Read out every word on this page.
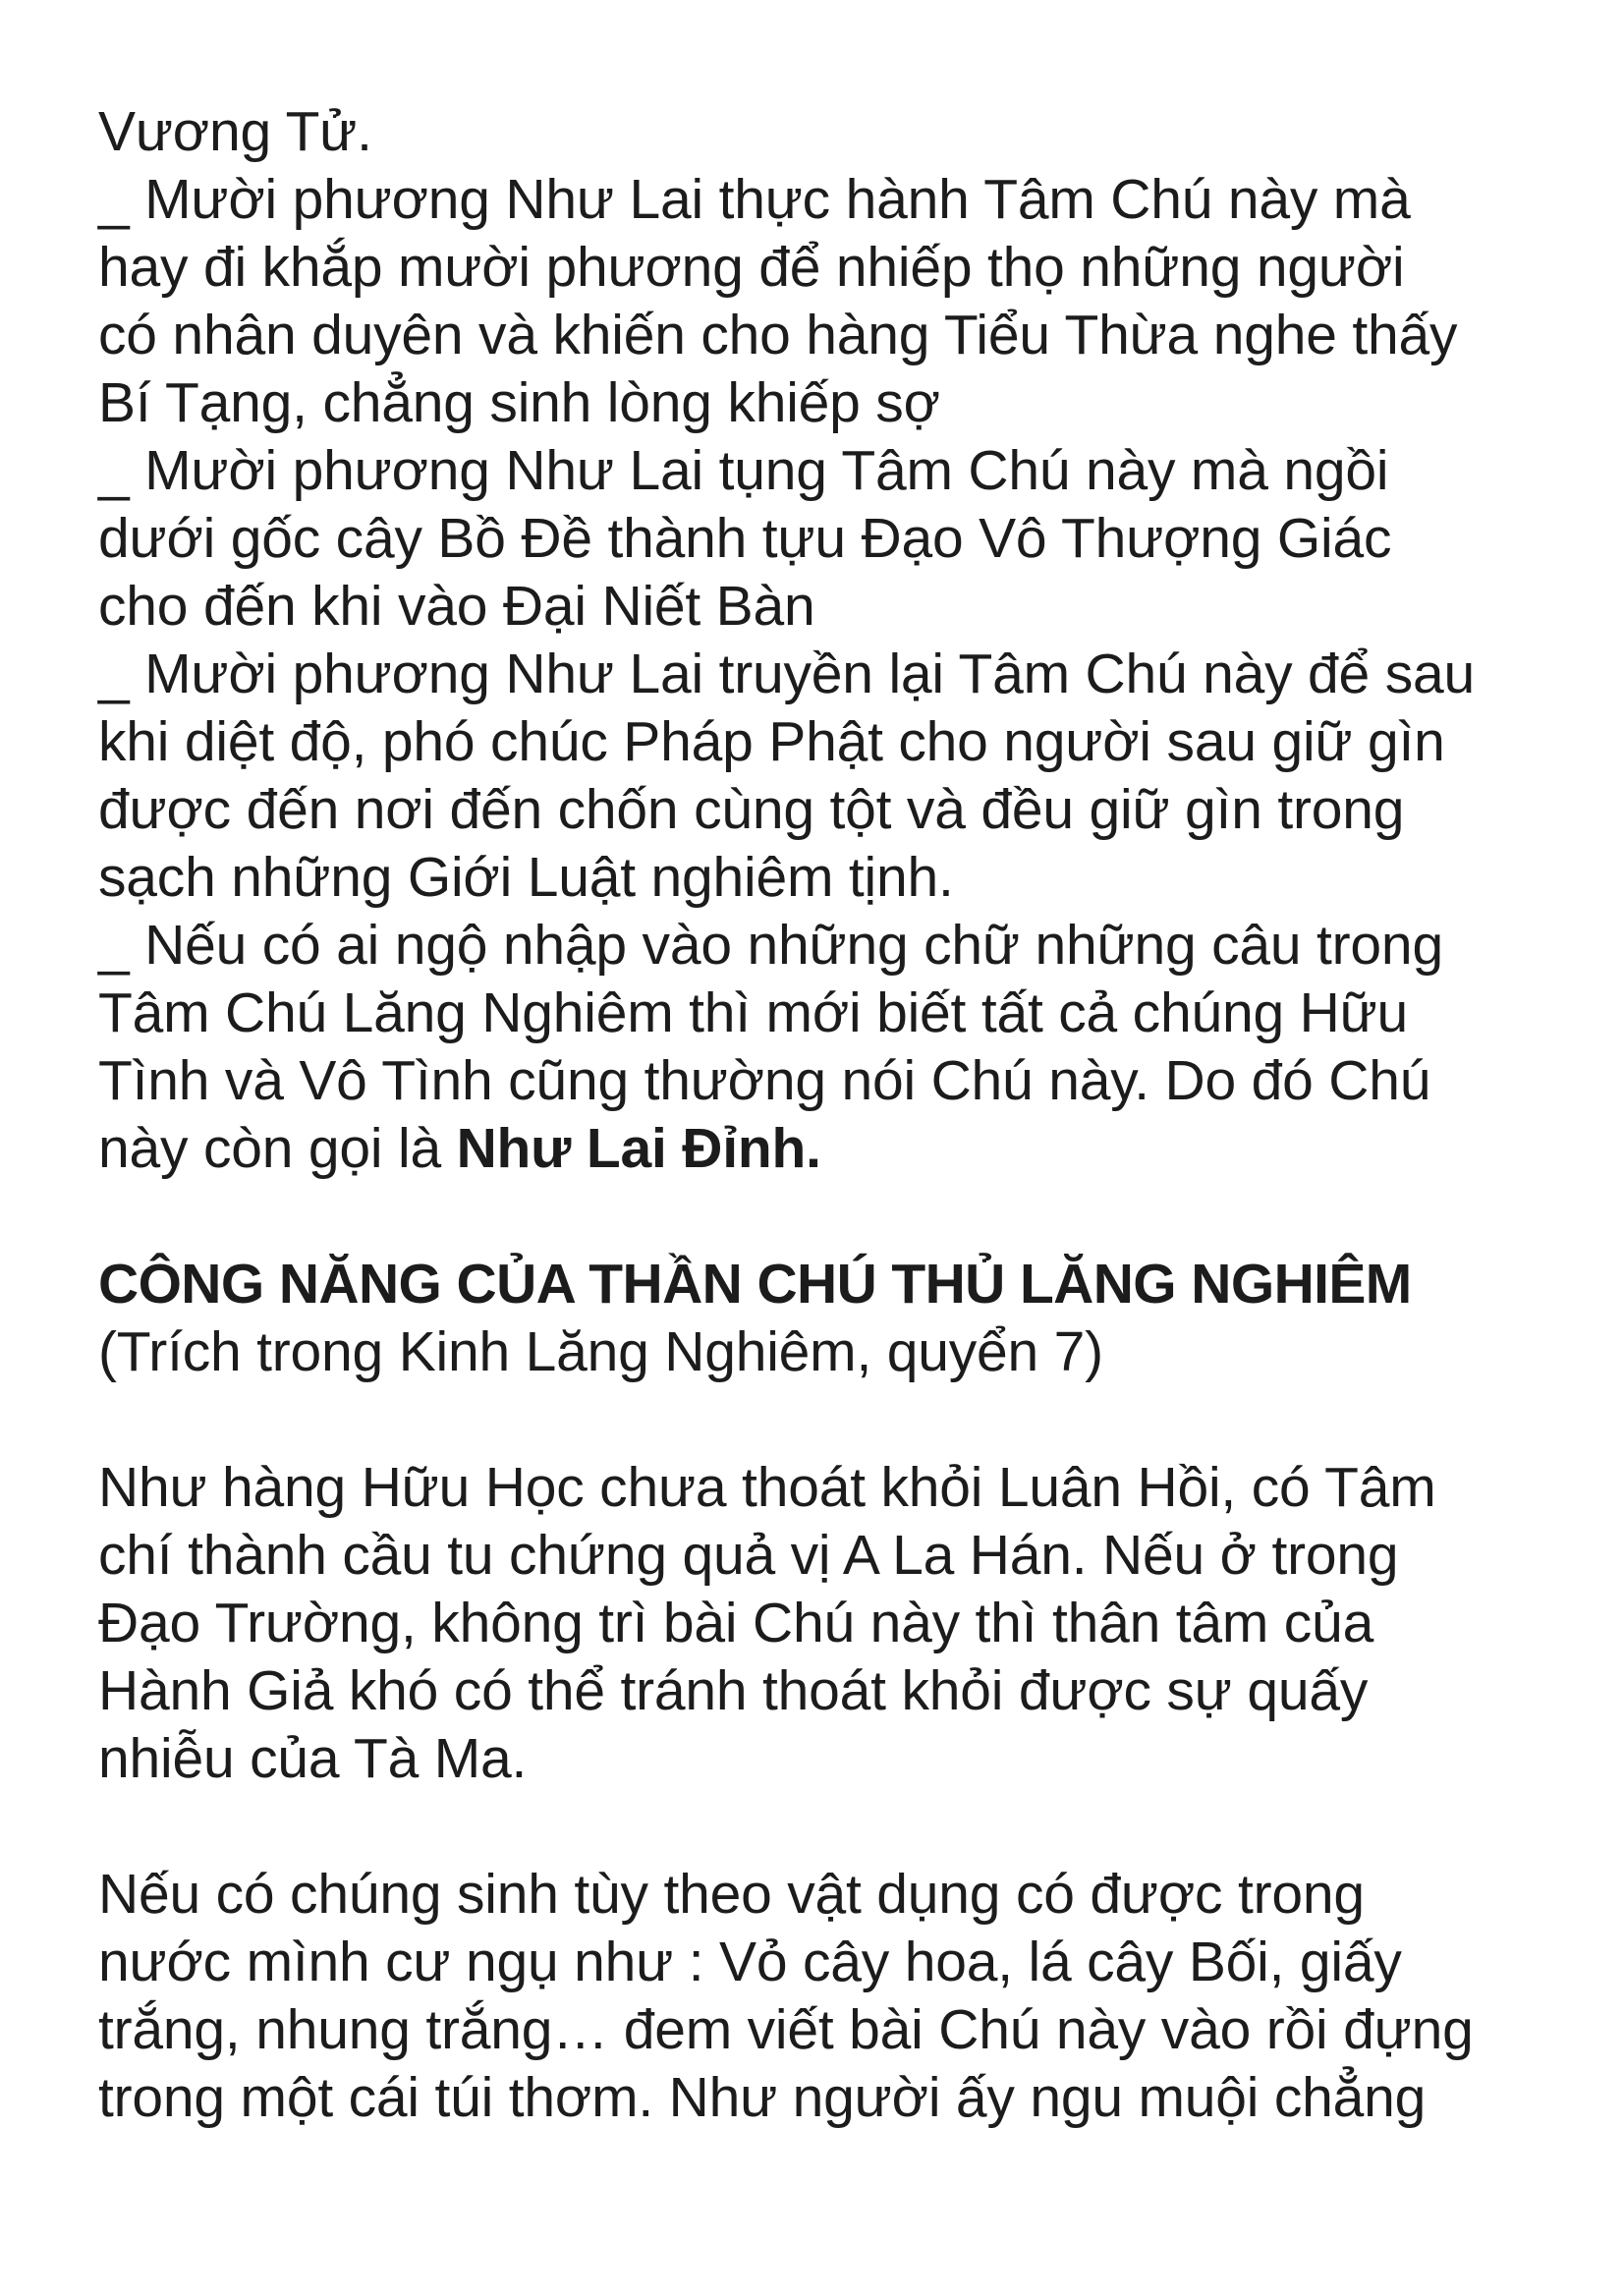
Vương Tử.
_ Mười phương Như Lai thực hành Tâm Chú này mà
hay đi khắp mười phương để nhiếp thọ những người
có nhân duyên và khiến cho hàng Tiểu Thừa nghe thấy
Bí Tạng, chẳng sinh lòng khiếp sợ
_ Mười phương Như Lai tụng Tâm Chú này mà ngồi
dưới gốc cây Bồ Đề thành tựu Đạo Vô Thượng Giác
cho đến khi vào Đại Niết Bàn
_ Mười phương Như Lai truyền lại Tâm Chú này để sau
khi diệt độ, phó chúc Pháp Phật cho người sau giữ gìn
được đến nơi đến chốn cùng tột và đều giữ gìn trong
sạch những Giới Luật nghiêm tịnh.
_ Nếu có ai ngộ nhập vào những chữ những câu trong
Tâm Chú Lăng Nghiêm thì mới biết tất cả chúng Hữu
Tình và Vô Tình cũng thường nói Chú này. Do đó Chú
này còn gọi là Như Lai Đỉnh.
CÔNG NĂNG CỦA THẦN CHÚ THỦ LĂNG NGHIÊM
(Trích trong Kinh Lăng Nghiêm, quyển 7)
Như hàng Hữu Học chưa thoát khỏi Luân Hồi, có Tâm
chí thành cầu tu chứng quả vị A La Hán. Nếu ở trong
Đạo Trường, không trì bài Chú này thì thân tâm của
Hành Giả khó có thể tránh thoát khỏi được sự quấy
nhiễu của Tà Ma.
Nếu có chúng sinh tùy theo vật dụng có được trong
nước mình cư ngụ như : Vỏ cây hoa, lá cây Bối, giấy
trắng, nhung trắng… đem viết bài Chú này vào rồi đựng
trong một cái túi thơm. Như người ấy ngu muội chẳng
